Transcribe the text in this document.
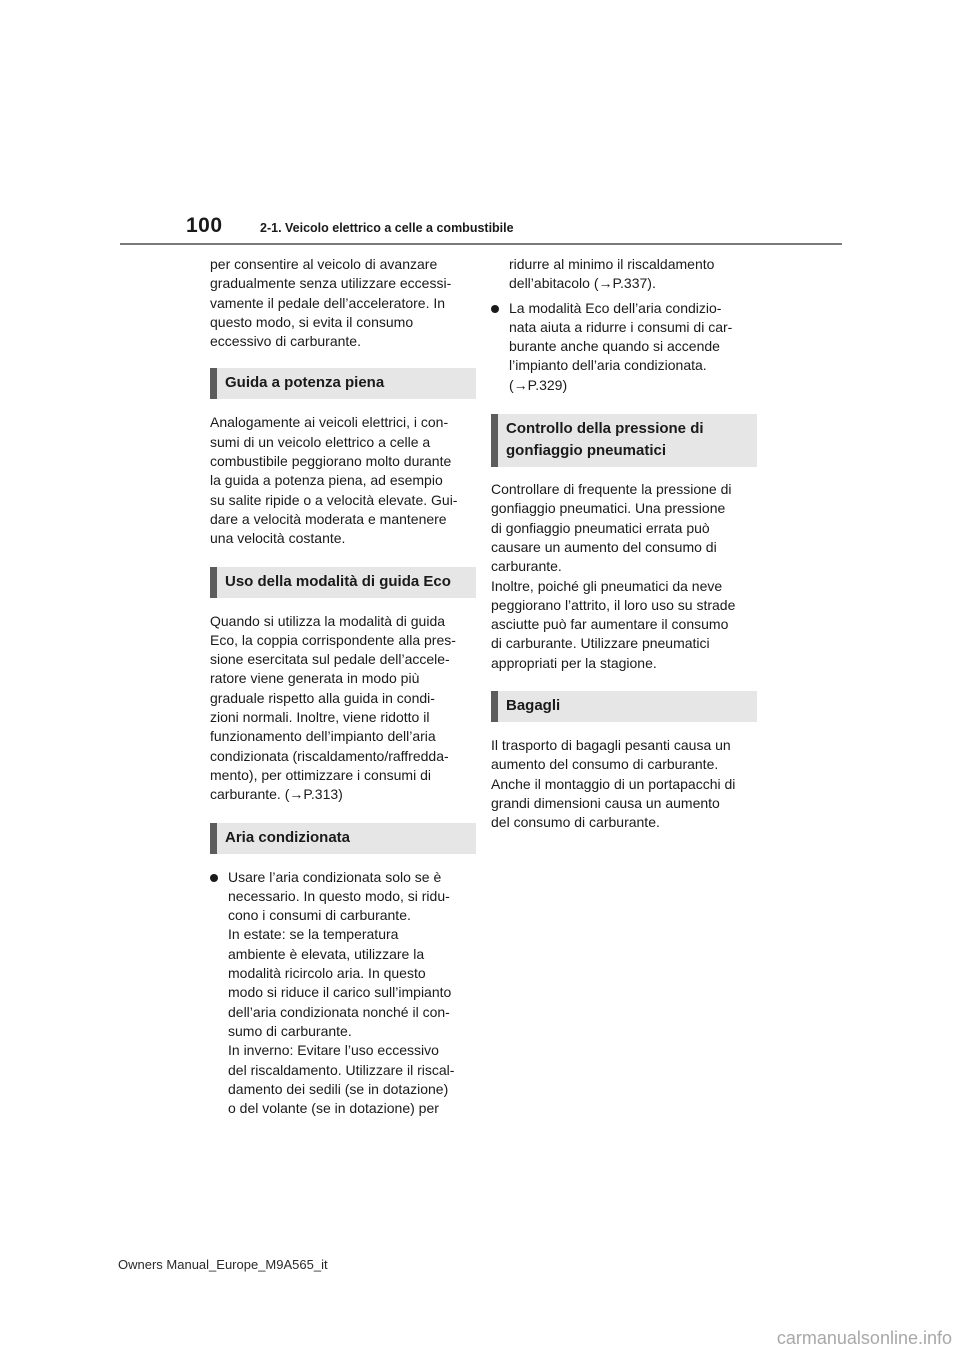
100	2-1. Veicolo elettrico a celle a combustibile

per consentire al veicolo di avanzare

gradualmente senza utilizzare eccessi-

vamente il pedale dell’acceleratore. In

questo modo, si evita il consumo

eccessivo di carburante.

Guida a potenza piena

Analogamente ai veicoli elettrici, i con-

sumi di un veicolo elettrico a celle a

combustibile peggiorano molto durante

la guida a potenza piena, ad esempio

su salite ripide o a velocità elevate. Gui-

dare a velocità moderata e mantenere

una velocità costante.

Uso della modalità di guida Eco

Quando si utilizza la modalità di guida

Eco, la coppia corrispondente alla pres-

sione esercitata sul pedale dell’accele-

ratore viene generata in modo più

graduale rispetto alla guida in condi-

zioni normali. Inoltre, viene ridotto il

funzionamento dell’impianto dell’aria

condizionata (riscaldamento/raffredda-

mento), per ottimizzare i consumi di

carburante. (→P.313)

Aria condizionata

Usare l’aria condizionata solo se è

necessario. In questo modo, si ridu-

cono i consumi di carburante.

In estate: se la temperatura

ambiente è elevata, utilizzare la

modalità ricircolo aria. In questo

modo si riduce il carico sull’impianto

dell’aria condizionata nonché il con-

sumo di carburante.

In inverno: Evitare l’uso eccessivo

del riscaldamento. Utilizzare il riscal-

damento dei sedili (se in dotazione)

o del volante (se in dotazione) per

ridurre al minimo il riscaldamento

dell’abitacolo (→P.337).

La modalità Eco dell’aria condizio-

nata aiuta a ridurre i consumi di car-

burante anche quando si accende

l’impianto dell’aria condizionata.

(→P.329)

Controllo della pressione di
gonfiaggio pneumatici

Controllare di frequente la pressione di

gonfiaggio pneumatici. Una pressione

di gonfiaggio pneumatici errata può

causare un aumento del consumo di

carburante.

Inoltre, poiché gli pneumatici da neve

peggiorano l’attrito, il loro uso su strade

asciutte può far aumentare il consumo

di carburante. Utilizzare pneumatici

appropriati per la stagione.

Bagagli

Il trasporto di bagagli pesanti causa un

aumento del consumo di carburante.

Anche il montaggio di un portapacchi di

grandi dimensioni causa un aumento

del consumo di carburante.

Owners Manual_Europe_M9A565_it
carmanualsonline.info
